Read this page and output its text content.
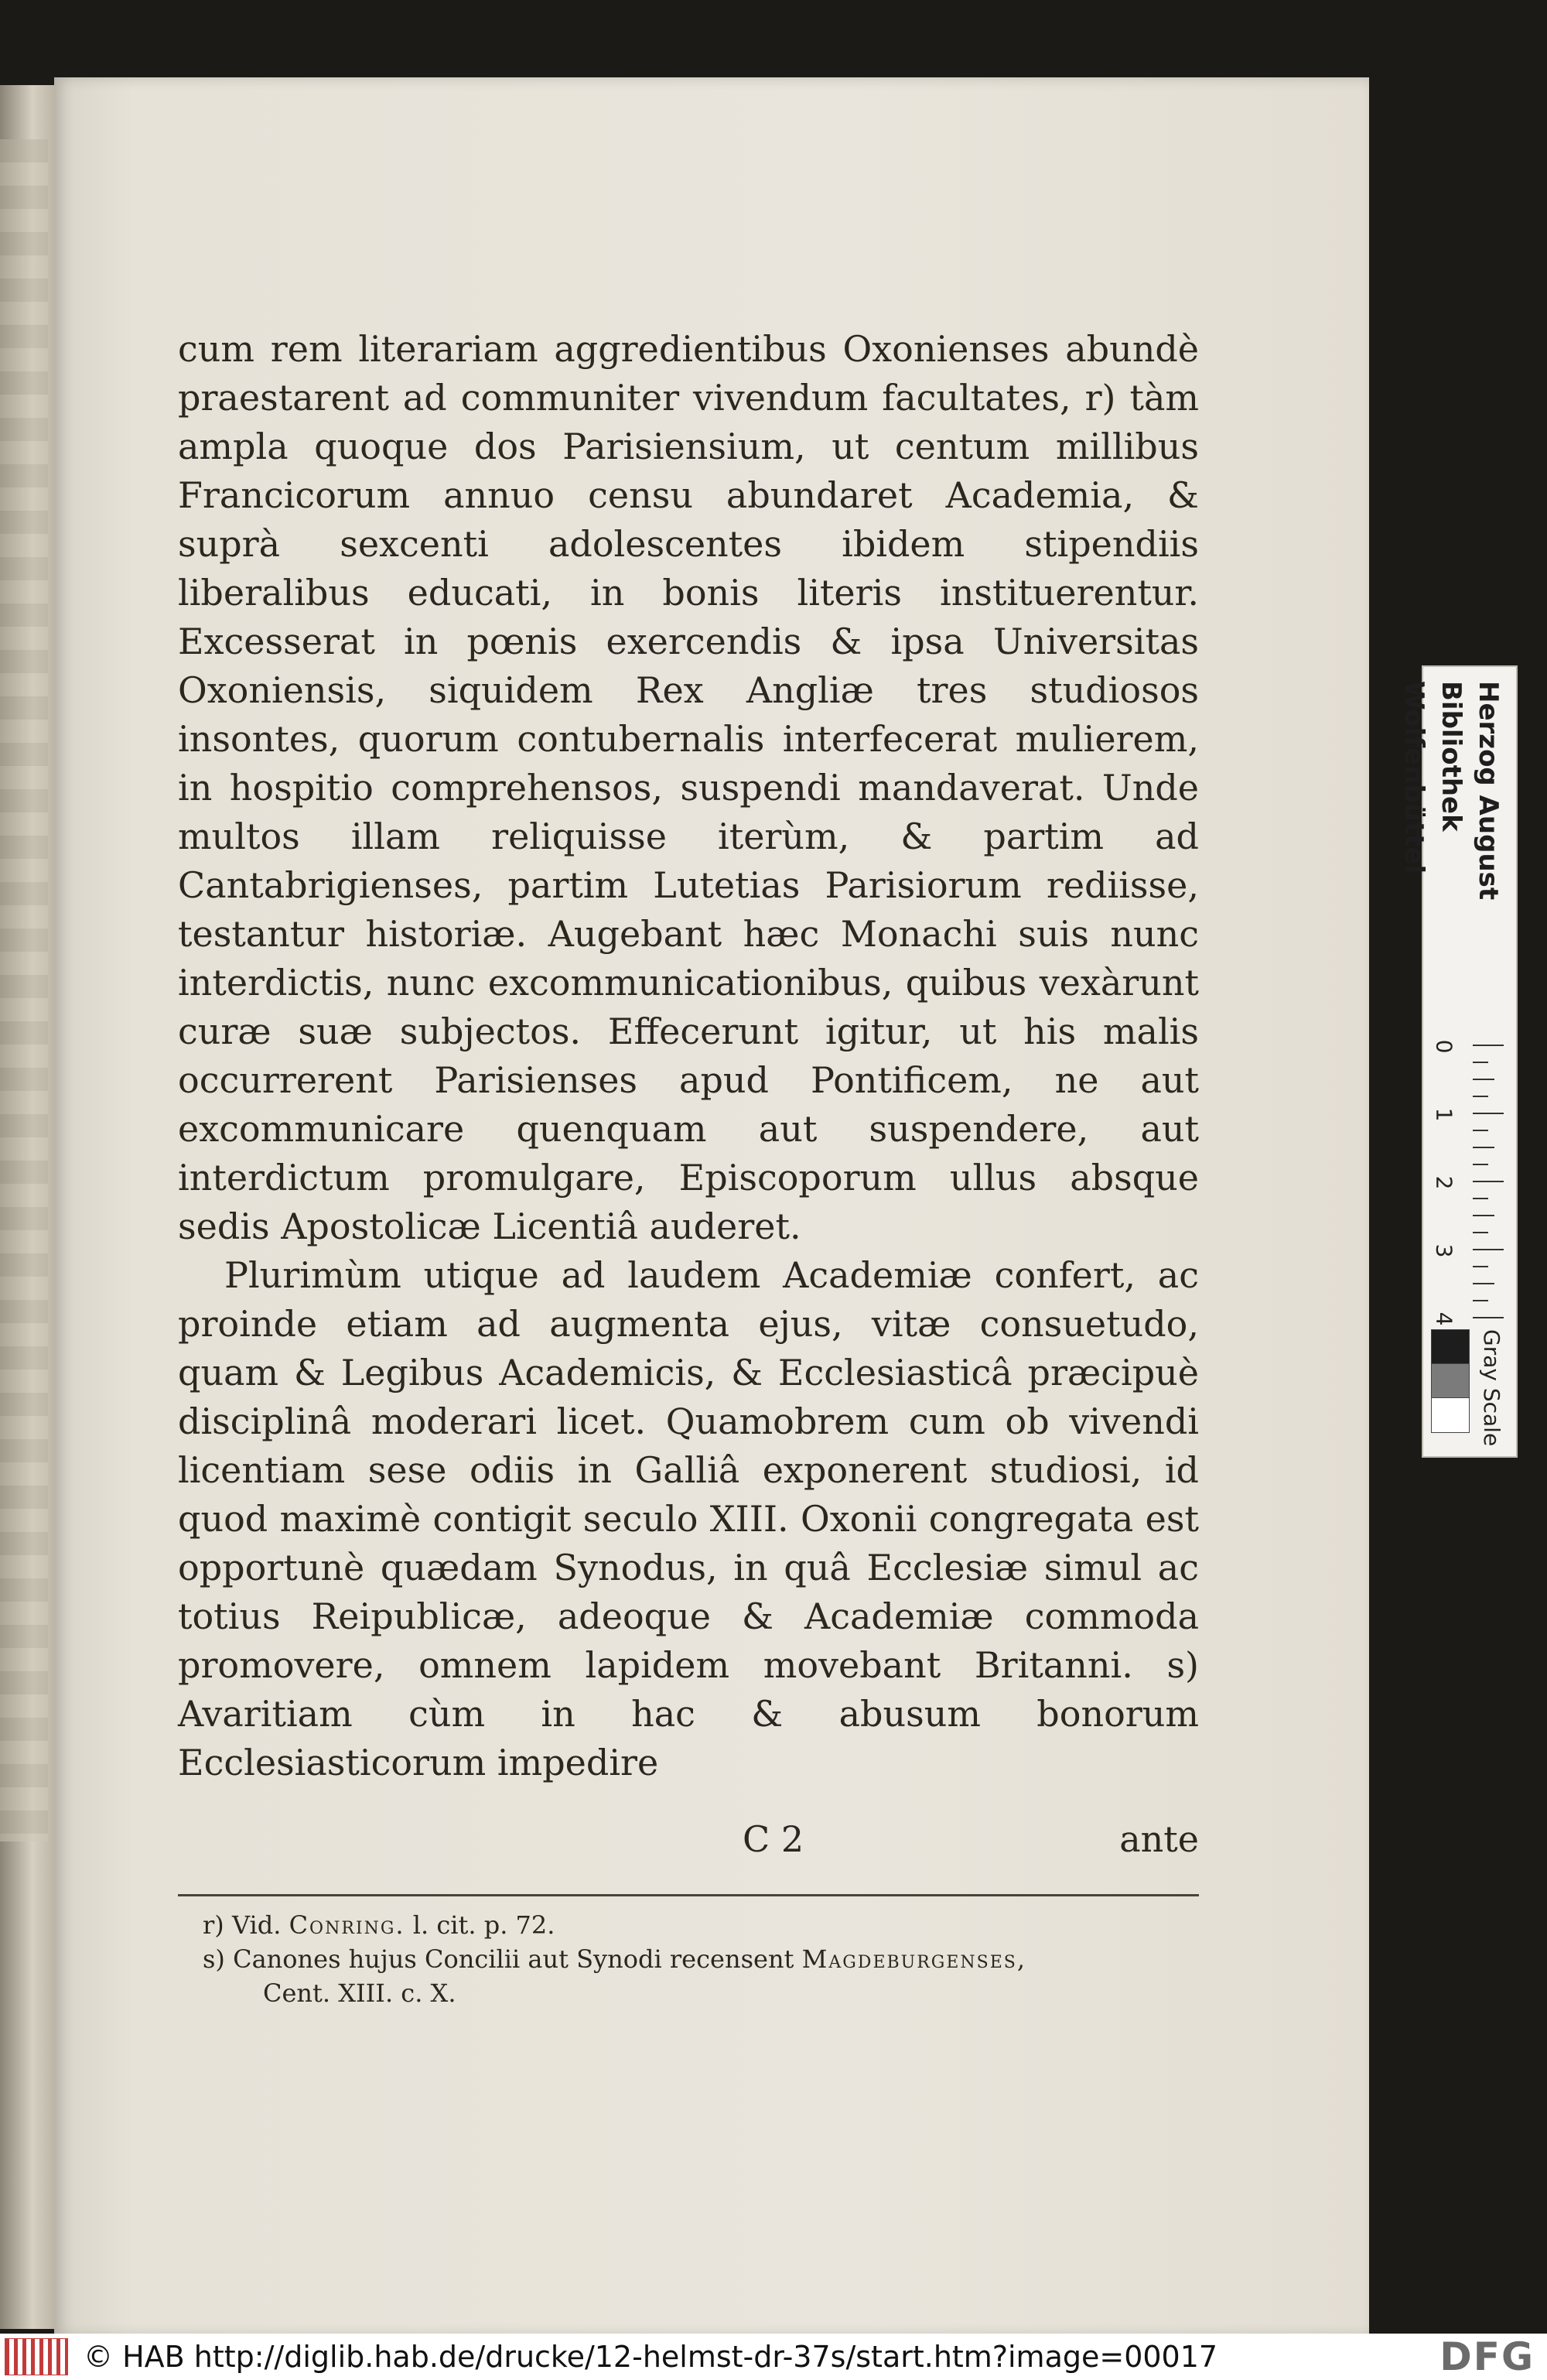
cum rem literariam aggredientibus Oxonienses abundè praestarent ad communiter vivendum facultates, r) tàm ampla quoque dos Parisiensium, ut centum millibus Francicorum annuo censu abundaret Academia, & suprà sexcenti adolescentes ibidem stipendiis liberalibus educati, in bonis literis instituerentur. Excesserat in pœnis exercendis & ipsa Universitas Oxoniensis, siquidem Rex Angliæ tres studiosos insontes, quorum contubernalis interfecerat mulierem, in hospitio comprehensos, suspendi mandaverat. Unde multos illam reliquisse iterùm, & partim ad Cantabrigienses, partim Lutetias Parisiorum rediisse, testantur historiæ. Augebant hæc Monachi suis nunc interdictis, nunc excommunicationibus, quibus vexàrunt curæ suæ subjectos. Effecerunt igitur, ut his malis occurrerent Parisienses apud Pontificem, ne aut excommunicare quenquam aut suspendere, aut interdictum promulgare, Episcoporum ullus absque sedis Apostolicæ Licentiâ auderet.

Plurimùm utique ad laudem Academiæ confert, ac proinde etiam ad augmenta ejus, vitæ consuetudo, quam & Legibus Academicis, & Ecclesiasticâ præcipuè disciplinâ moderari licet. Quamobrem cum ob vivendi licentiam sese odiis in Galliâ exponerent studiosi, id quod maximè contigit seculo XIII. Oxonii congregata est opportunè quædam Synodus, in quâ Ecclesiæ simul ac totius Reipublicæ, adeoque & Academiæ commoda promovere, omnem lapidem movebant Britanni. s) Avaritiam cùm in hac & abusum bonorum Ecclesiasticorum impedire

C 2	ante

r) Vid. Conring. l. cit. p. 72.

s) Canones hujus Concilii aut Synodi recensent Magdeburgenses,

Cent. XIII. c. X.

Herzog August Bibliothek
Wolfenbüttel
0
1
2
3
4
Gray Scale
© HAB http://diglib.hab.de/drucke/12-helmst-dr-37s/start.htm?image=00017	DFG
